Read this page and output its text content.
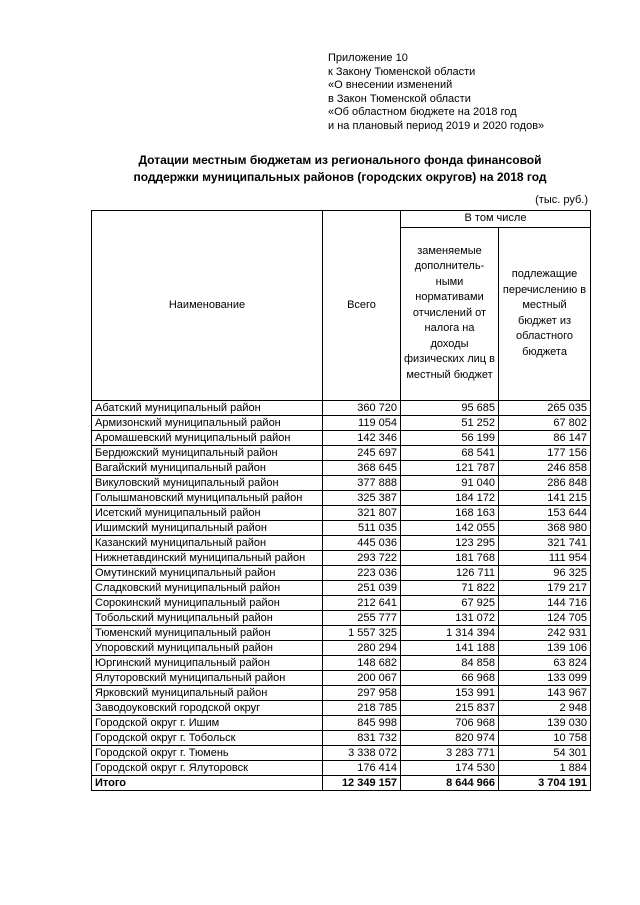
Приложение 10
к Закону Тюменской области
«О внесении изменений
в Закон Тюменской области
«Об областном бюджете на 2018 год
и на плановый период 2019 и 2020 годов»
Дотации местным бюджетам из регионального фонда финансовой
поддержки муниципальных районов (городских округов) на 2018 год
(тыс. руб.)
Наименование	Всего	В том числе	
		заменяемые дополнитель-ными нормативами отчислений от налога на доходы физических лиц в местный бюджет	подлежащие перечислению в местный бюджет из областного бюджета
Абатский муниципальный район	360 720	95 685	265 035
Армизонский муниципальный район	119 054	51 252	67 802
Аромашевский муниципальный район	142 346	56 199	86 147
Бердюжский муниципальный район	245 697	68 541	177 156
Вагайский муниципальный район	368 645	121 787	246 858
Викуловский муниципальный район	377 888	91 040	286 848
Голышмановский муниципальный район	325 387	184 172	141 215
Исетский муниципальный район	321 807	168 163	153 644
Ишимский муниципальный район	511 035	142 055	368 980
Казанский муниципальный район	445 036	123 295	321 741
Нижнетавдинский муниципальный район	293 722	181 768	111 954
Омутинский муниципальный район	223 036	126 711	96 325
Сладковский муниципальный район	251 039	71 822	179 217
Сорокинский муниципальный район	212 641	67 925	144 716
Тобольский муниципальный район	255 777	131 072	124 705
Тюменский муниципальный район	1 557 325	1 314 394	242 931
Упоровский муниципальный район	280 294	141 188	139 106
Юргинский муниципальный район	148 682	84 858	63 824
Ялуторовский муниципальный район	200 067	66 968	133 099
Ярковский муниципальный район	297 958	153 991	143 967
Заводоуковский городской округ	218 785	215 837	2 948
Городской округ г. Ишим	845 998	706 968	139 030
Городской округ г. Тобольск	831 732	820 974	10 758
Городской округ г. Тюмень	3 338 072	3 283 771	54 301
Городской округ г. Ялуторовск	176 414	174 530	1 884
Итого	12 349 157	8 644 966	3 704 191
